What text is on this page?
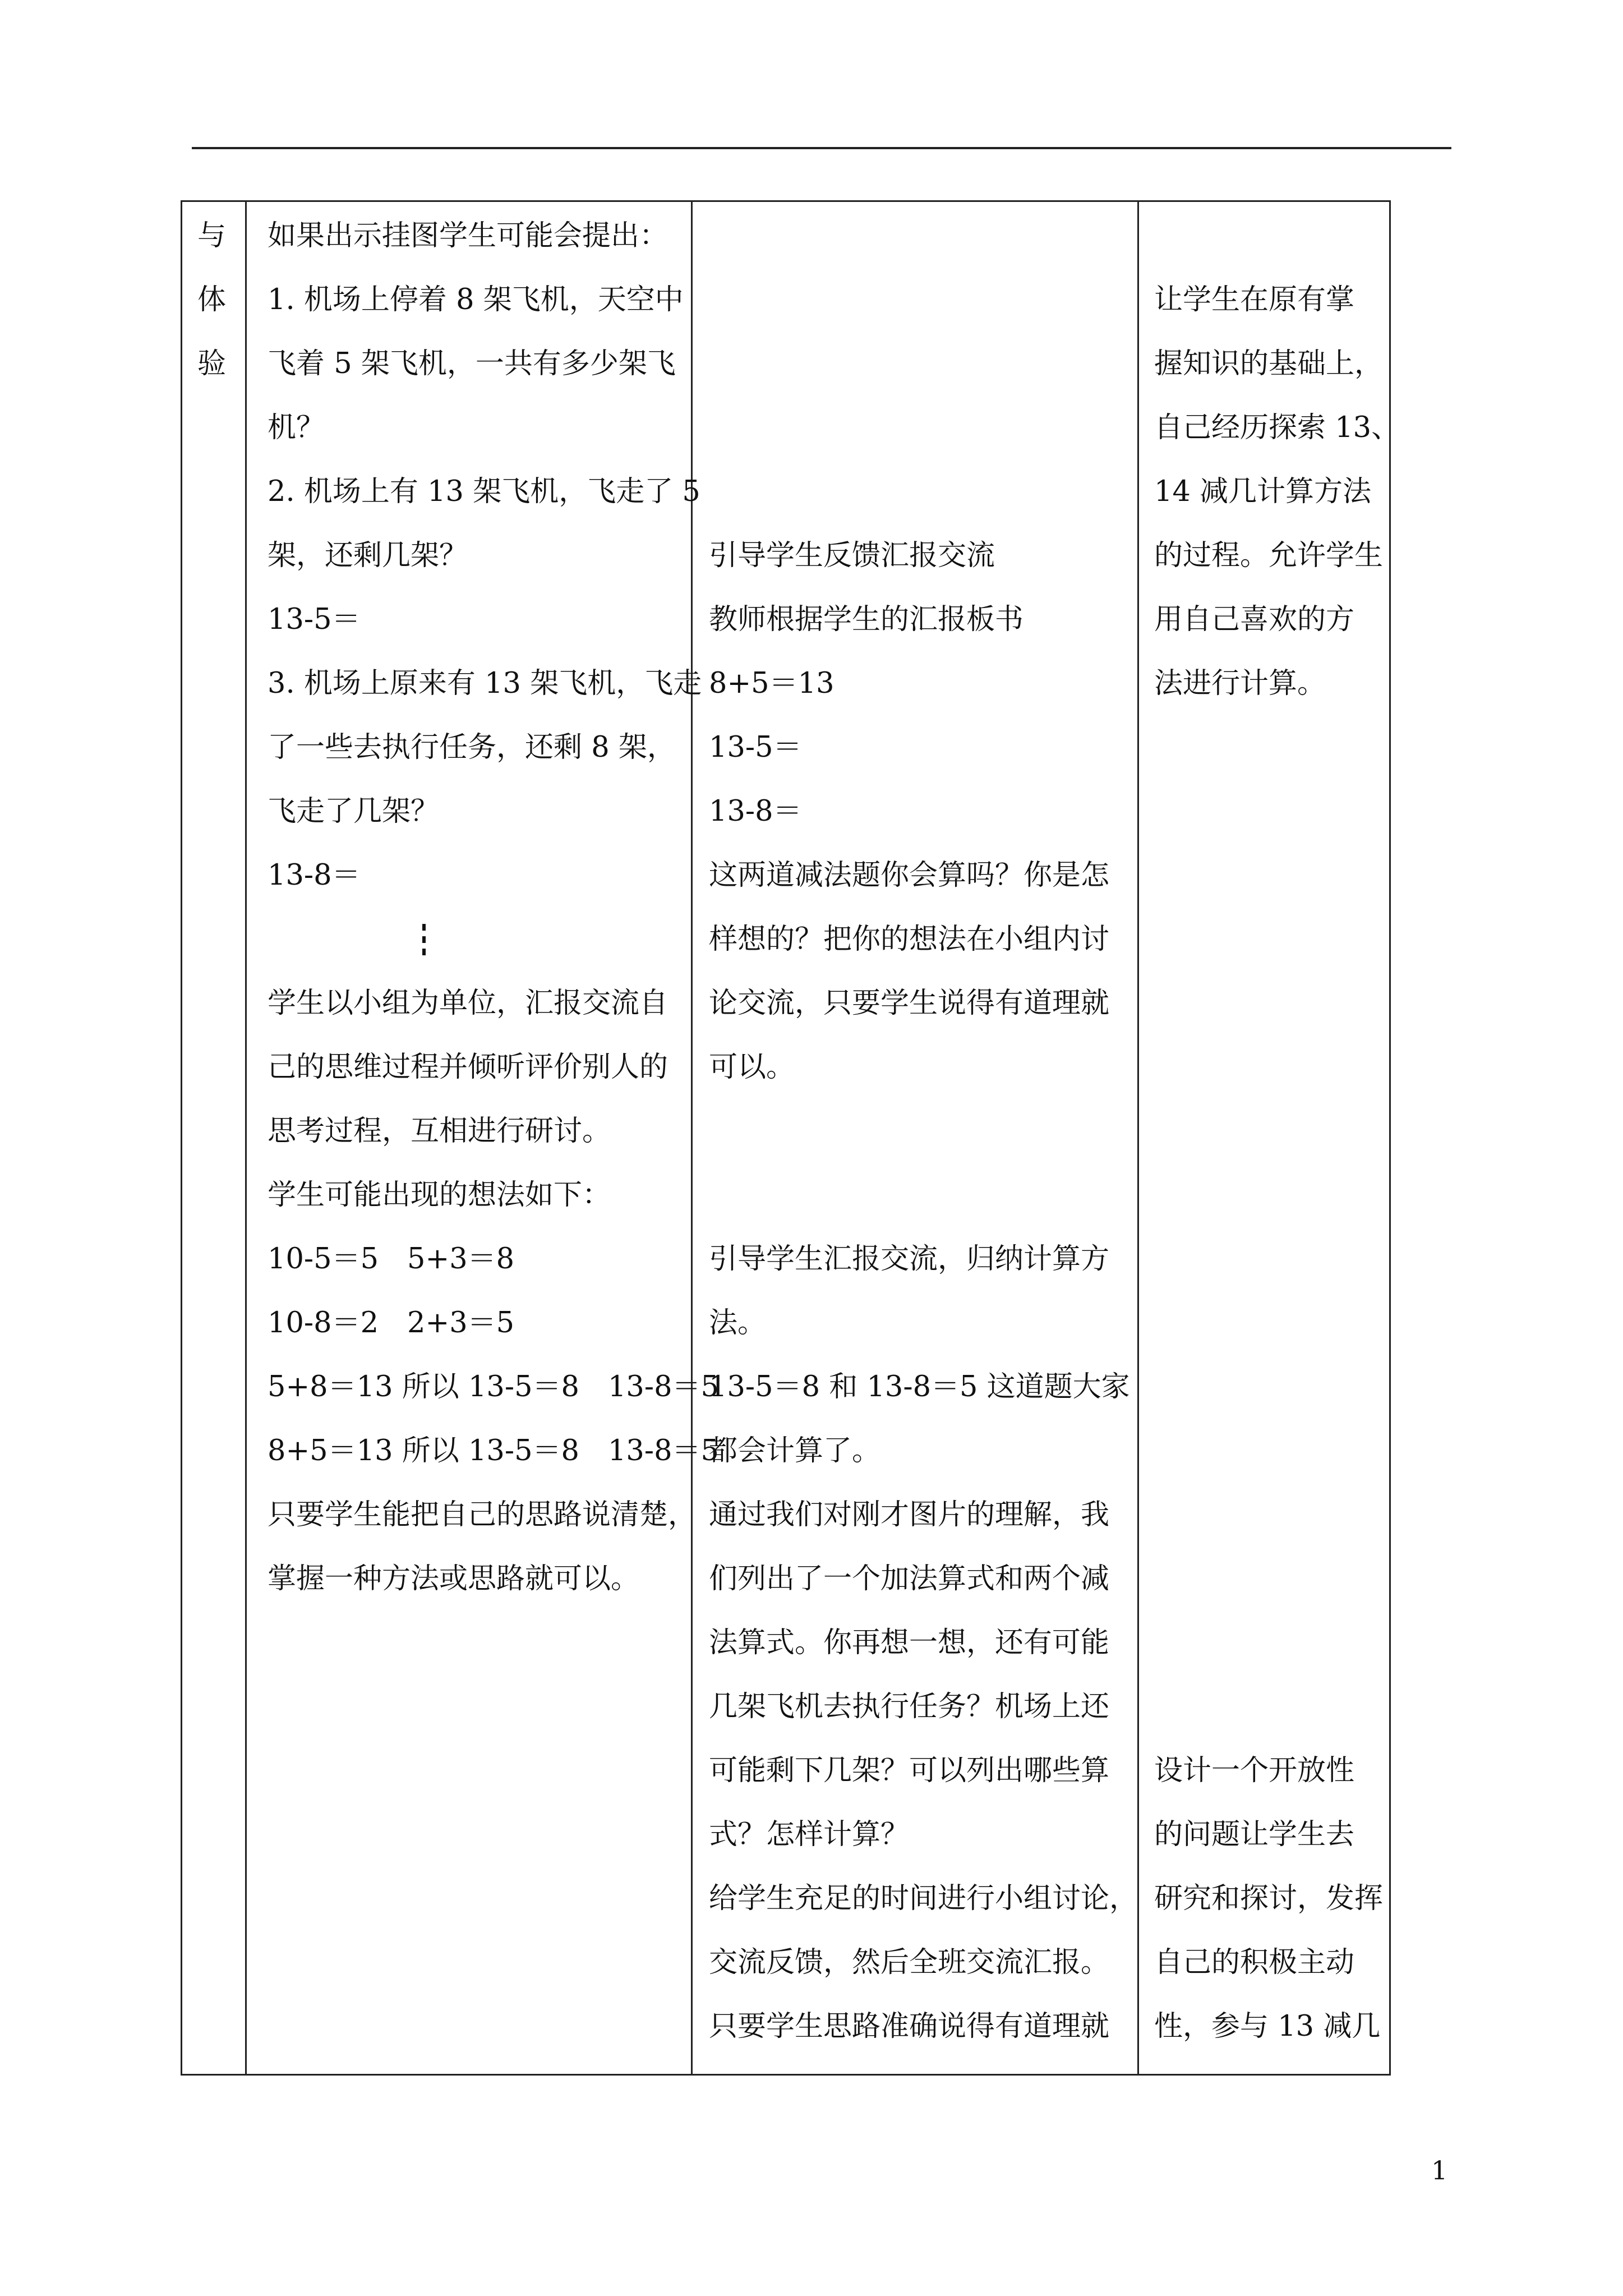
与
体
验
如果出示挂图学生可能会提出：
1. 机场上停着 8 架飞机，天空中
飞着 5 架飞机，一共有多少架飞
机？
2. 机场上有 13 架飞机，飞走了 5
架，还剩几架？
13-5＝
3. 机场上原来有 13 架飞机，飞走
了一些去执行任务，还剩 8 架，
飞走了几架？
13-8＝
学生以小组为单位，汇报交流自
己的思维过程并倾听评价别人的
思考过程，互相进行研讨。
学生可能出现的想法如下：
10-5＝5　5+3＝8
10-8＝2　2+3＝5
5+8＝13 所以 13-5＝8　13-8＝5
8+5＝13 所以 13-5＝8　13-8＝5
只要学生能把自己的思路说清楚，
掌握一种方法或思路就可以。
引导学生反馈汇报交流
教师根据学生的汇报板书
8+5＝13
13-5＝
13-8＝
这两道减法题你会算吗？你是怎
样想的？把你的想法在小组内讨
论交流，只要学生说得有道理就
可以。
引导学生汇报交流，归纳计算方
法。
13-5＝8 和 13-8＝5 这道题大家
都会计算了。
通过我们对刚才图片的理解，我
们列出了一个加法算式和两个减
法算式。你再想一想，还有可能
几架飞机去执行任务？机场上还
可能剩下几架？可以列出哪些算
式？怎样计算？
给学生充足的时间进行小组讨论，
交流反馈，然后全班交流汇报。
只要学生思路准确说得有道理就
让学生在原有掌
握知识的基础上，
自己经历探索 13、
14 减几计算方法
的过程。允许学生
用自己喜欢的方
法进行计算。
设计一个开放性
的问题让学生去
研究和探讨，发挥
自己的积极主动
性，参与 13 减几
1
